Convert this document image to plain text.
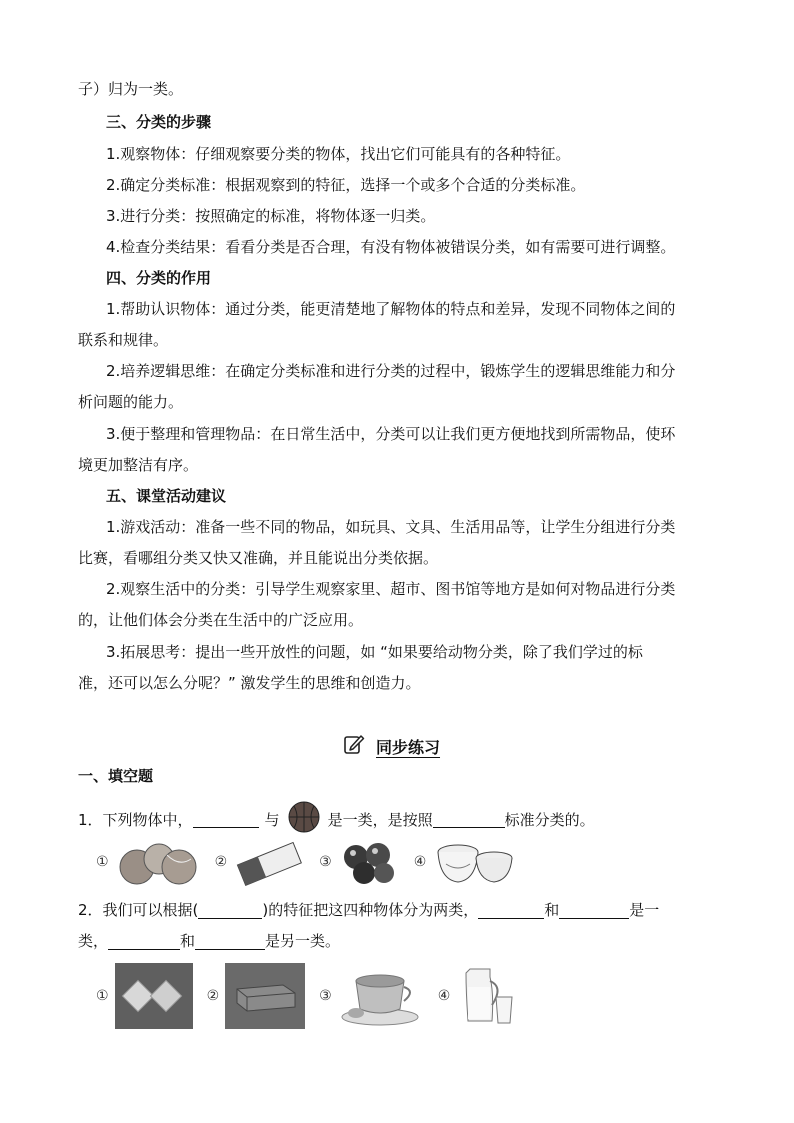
子）归为一类。
三、分类的步骤
1.观察物体：仔细观察要分类的物体，找出它们可能具有的各种特征。
2.确定分类标准：根据观察到的特征，选择一个或多个合适的分类标准。
3.进行分类：按照确定的标准，将物体逐一归类。
4.检查分类结果：看看分类是否合理，有没有物体被错误分类，如有需要可进行调整。
四、分类的作用
1.帮助认识物体：通过分类，能更清楚地了解物体的特点和差异，发现不同物体之间的
联系和规律。
2.培养逻辑思维：在确定分类标准和进行分类的过程中，锻炼学生的逻辑思维能力和分
析问题的能力。
3.便于整理和管理物品：在日常生活中，分类可以让我们更方便地找到所需物品，使环
境更加整洁有序。
五、课堂活动建议
1.游戏活动：准备一些不同的物品，如玩具、文具、生活用品等，让学生分组进行分类
比赛，看哪组分类又快又准确，并且能说出分类依据。
2.观察生活中的分类：引导学生观察家里、超市、图书馆等地方是如何对物品进行分类
的，让他们体会分类在生活中的广泛应用。
3.拓展思考：提出一些开放性的问题，如 “如果要给动物分类，除了我们学过的标
准，还可以怎么分呢？” 激发学生的思维和创造力。
同步练习
一、填空题
1．下列物体中，	与	是一类，是按照	标准分类的。
①	②	③	④
2．我们可以根据(	)的特征把这四种物体分为两类，	和	是一
类，	和	是另一类。
①	②	③	④
